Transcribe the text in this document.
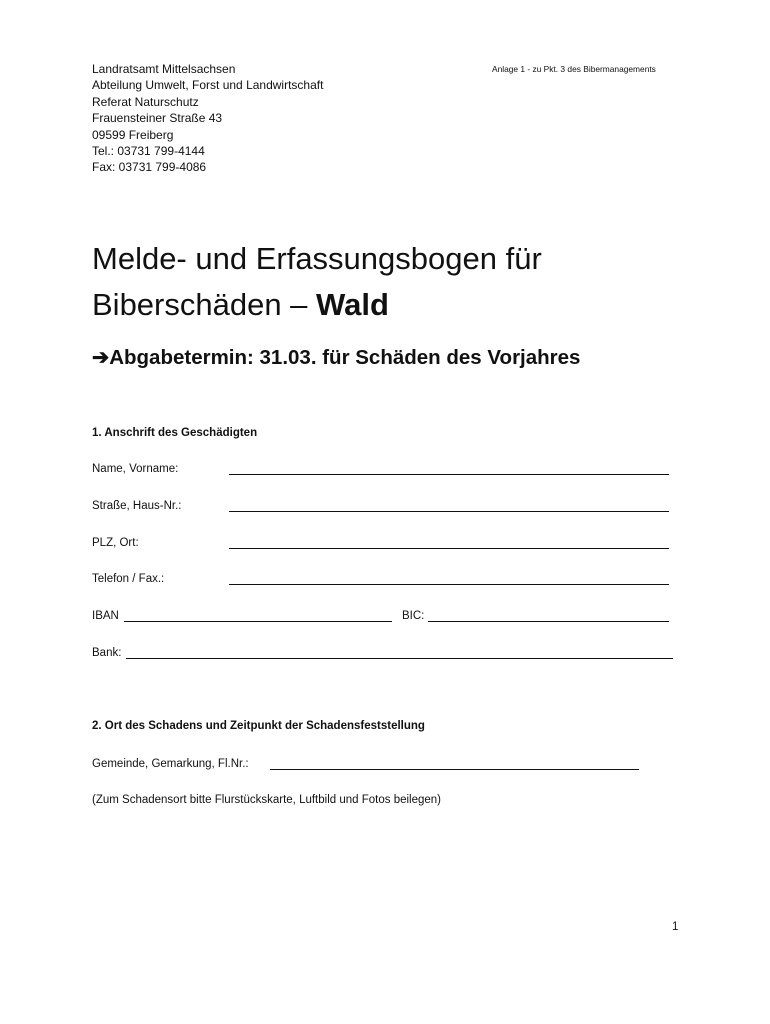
Landratsamt Mittelsachsen
Abteilung Umwelt, Forst und Landwirtschaft
Referat Naturschutz
Frauensteiner Straße 43
09599 Freiberg
Tel.: 03731 799-4144
Fax: 03731 799-4086
Anlage 1 - zu Pkt. 3 des Bibermanagements
Melde- und Erfassungsbogen für
Biberschäden – Wald
➔Abgabetermin: 31.03. für Schäden des Vorjahres
1. Anschrift des Geschädigten
Name, Vorname:
Straße, Haus-Nr.:
PLZ, Ort:
Telefon / Fax.:
IBAN	BIC:
Bank:
2. Ort des Schadens und Zeitpunkt der Schadensfeststellung
Gemeinde, Gemarkung, Fl.Nr.:
(Zum Schadensort bitte Flurstückskarte, Luftbild und Fotos beilegen)
1
